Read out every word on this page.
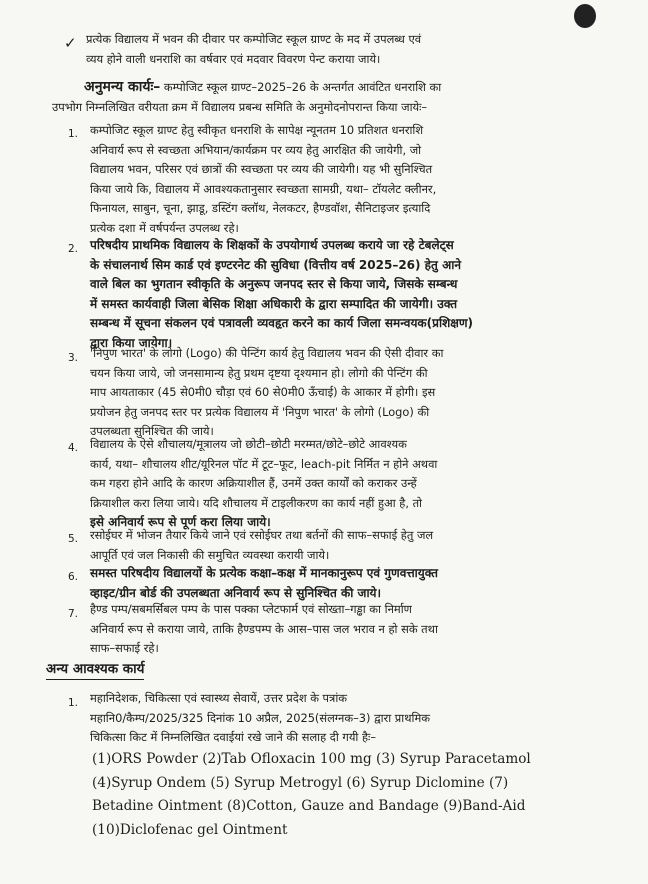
✓ प्रत्येक विद्यालय में भवन की दीवार पर कम्पोजिट स्कूल ग्राण्ट के मद में उपलब्ध एवं
व्यय होने वाली धनराशि का वर्षवार एवं मदवार विवरण पेन्ट कराया जाये।
अनुमन्य कार्यः– कम्पोजिट स्कूल ग्राण्ट–2025–26 के अन्तर्गत आवंटित धनराशि का
उपभोग निम्नलिखित वरीयता क्रम में विद्यालय प्रबन्ध समिति के अनुमोदनोपरान्त किया जायेः–
1. कम्पोजिट स्कूल ग्राण्ट हेतु स्वीकृत धनराशि के सापेक्ष न्यूनतम 10 प्रतिशत धनराशि
अनिवार्य रूप से स्वच्छता अभियान/कार्यक्रम पर व्यय हेतु आरक्षित की जायेगी, जो
विद्यालय भवन, परिसर एवं छात्रों की स्वच्छता पर व्यय की जायेगी। यह भी सुनिश्चित
किया जाये कि, विद्यालय में आवश्यकतानुसार स्वच्छता सामग्री, यथा– टॉयलेट क्लीनर,
फिनायल, साबुन, चूना, झाडू, डस्टिंग क्लॉथ, नेलकटर, हैण्डवॉश, सैनिटाइजर इत्यादि
प्रत्येक दशा में वर्षपर्यन्त उपलब्ध रहे।
2. परिषदीय प्राथमिक विद्यालय के शिक्षकों के उपयोगार्थ उपलब्ध कराये जा रहे टेबलेट्स
के संचालनार्थ सिम कार्ड एवं इण्टरनेट की सुविधा (वित्तीय वर्ष 2025–26) हेतु आने
वाले बिल का भुगतान स्वीकृति के अनुरूप जनपद स्तर से किया जाये, जिसके सम्बन्ध
में समस्त कार्यवाही जिला बेसिक शिक्षा अधिकारी के द्वारा सम्पादित की जायेगी। उक्त
सम्बन्ध में सूचना संकलन एवं पत्रावली व्यवहृत करने का कार्य जिला समन्वयक(प्रशिक्षण)
द्वारा किया जायेगा।
3. 'निपुण भारत' के लोगो (Logo) की पेन्टिंग कार्य हेतु विद्यालय भवन की ऐसी दीवार का
चयन किया जाये, जो जनसामान्य हेतु प्रथम दृष्टया दृश्यमान हो। लोगो की पेन्टिंग की
माप आयताकार (45 से0मी0 चौड़ा एवं 60 से0मी0 ऊँचाई) के आकार में होगी। इस
प्रयोजन हेतु जनपद स्तर पर प्रत्येक विद्यालय में 'निपुण भारत' के लोगो (Logo) की
उपलब्धता सुनिश्चित की जाये।
4. विद्यालय के ऐसे शौचालय/मूत्रालय जो छोटी–छोटी मरम्मत/छोटे–छोटे आवश्यक
कार्य, यथा– शौचालय शीट/यूरिनल पॉट में टूट–फूट, leach-pit निर्मित न होने अथवा
कम गहरा होने आदि के कारण अक्रियाशील हैं, उनमें उक्त कार्यों को कराकर उन्हें
क्रियाशील करा लिया जाये। यदि शौचालय में टाइलीकरण का कार्य नहीं हुआ है, तो
इसे अनिवार्य रूप से पूर्ण करा लिया जाये।
5. रसोईघर में भोजन तैयार किये जाने एवं रसोईघर तथा बर्तनों की साफ–सफाई हेतु जल
आपूर्ति एवं जल निकासी की समुचित व्यवस्था करायी जाये।
6. समस्त परिषदीय विद्यालयों के प्रत्येक कक्षा–कक्ष में मानकानुरूप एवं गुणवत्तायुक्त
व्हाइट/ग्रीन बोर्ड की उपलब्धता अनिवार्य रूप से सुनिश्चित की जाये।
7. हैण्ड पम्प/सबमर्सिबल पम्प के पास पक्का प्लेटफार्म एवं सोख्ता–गड्ढा का निर्माण
अनिवार्य रूप से कराया जाये, ताकि हैण्डपम्प के आस–पास जल भराव न हो सके तथा
साफ–सफाई रहे।
अन्य आवश्यक कार्य
1. महानिदेशक, चिकित्सा एवं स्वास्थ्य सेवायें, उत्तर प्रदेश के पत्रांक
महानि0/कैम्प/2025/325 दिनांक 10 अप्रैल, 2025(संलग्नक–3) द्वारा प्राथमिक
चिकित्सा किट में निम्नलिखित दवाईयां रखे जाने की सलाह दी गयी हैः–
(1)ORS Powder (2)Tab Ofloxacin 100 mg (3) Syrup Paracetamol
(4)Syrup Ondem (5) Syrup Metrogyl (6) Syrup Diclomine (7)
Betadine Ointment (8)Cotton, Gauze and Bandage (9)Band-Aid
(10)Diclofenac gel Ointment
